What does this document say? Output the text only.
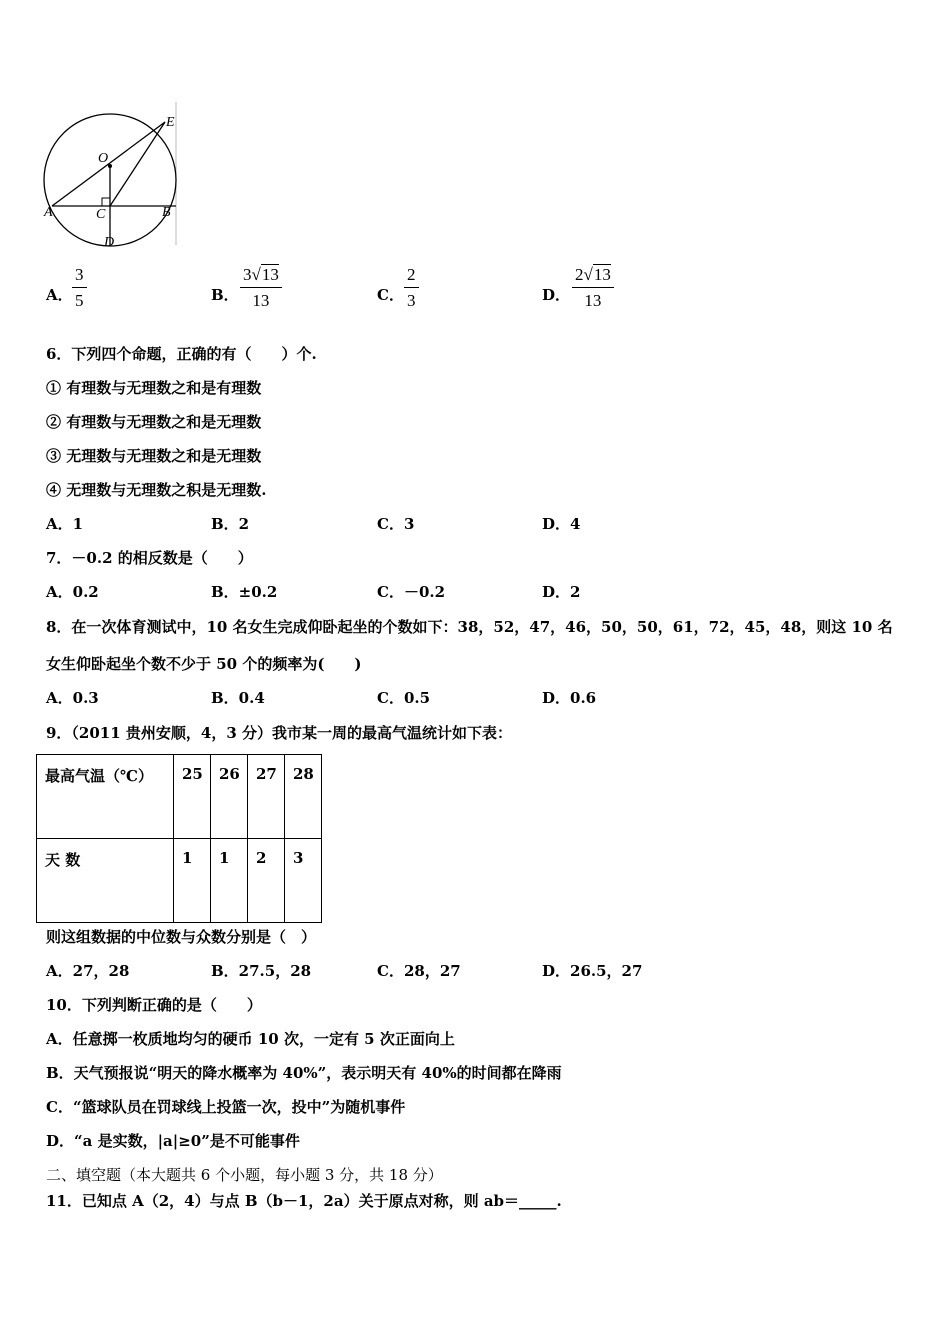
O
E
A	C	B
D
A． $\frac{3}{5}$	B． $\frac{3√13}{13}$	C． $\frac{2}{3}$	D． $\frac{2√13}{13}$
6．下列四个命题，正确的有（　　）个.
① 有理数与无理数之和是有理数
② 有理数与无理数之和是无理数
③ 无理数与无理数之和是无理数
④ 无理数与无理数之积是无理数.
A．1	B．2	C．3	D．4
7．－0.2 的相反数是（　　）
A．0.2	B．±0.2	C．－0.2	D．2
8．在一次体育测试中，10 名女生完成仰卧起坐的个数如下：38，52，47，46，50，50，61，72，45，48，则这 10 名
女生仰卧起坐个数不少于 50 个的频率为(　　)
A．0.3	B．0.4	C．0.5	D．0.6
9．（2011 贵州安顺，4，3 分）我市某一周的最高气温统计如下表：
最高气温（℃）	25	26	27	28
天 数	1	1	2	3
则这组数据的中位数与众数分别是（　）
A．27，28	B．27.5，28	C．28，27	D．26.5，27
10．下列判断正确的是（　　）
A．任意掷一枚质地均匀的硬币 10 次，一定有 5 次正面向上
B．天气预报说“明天的降水概率为 40%”，表示明天有 40%的时间都在降雨
C．“篮球队员在罚球线上投篮一次，投中”为随机事件
D．“a 是实数，|a|≥0”是不可能事件
二、填空题（本大题共 6 个小题，每小题 3 分，共 18 分）
11．已知点 A（2，4）与点 B（b－1，2a）关于原点对称，则 ab＝_____.
